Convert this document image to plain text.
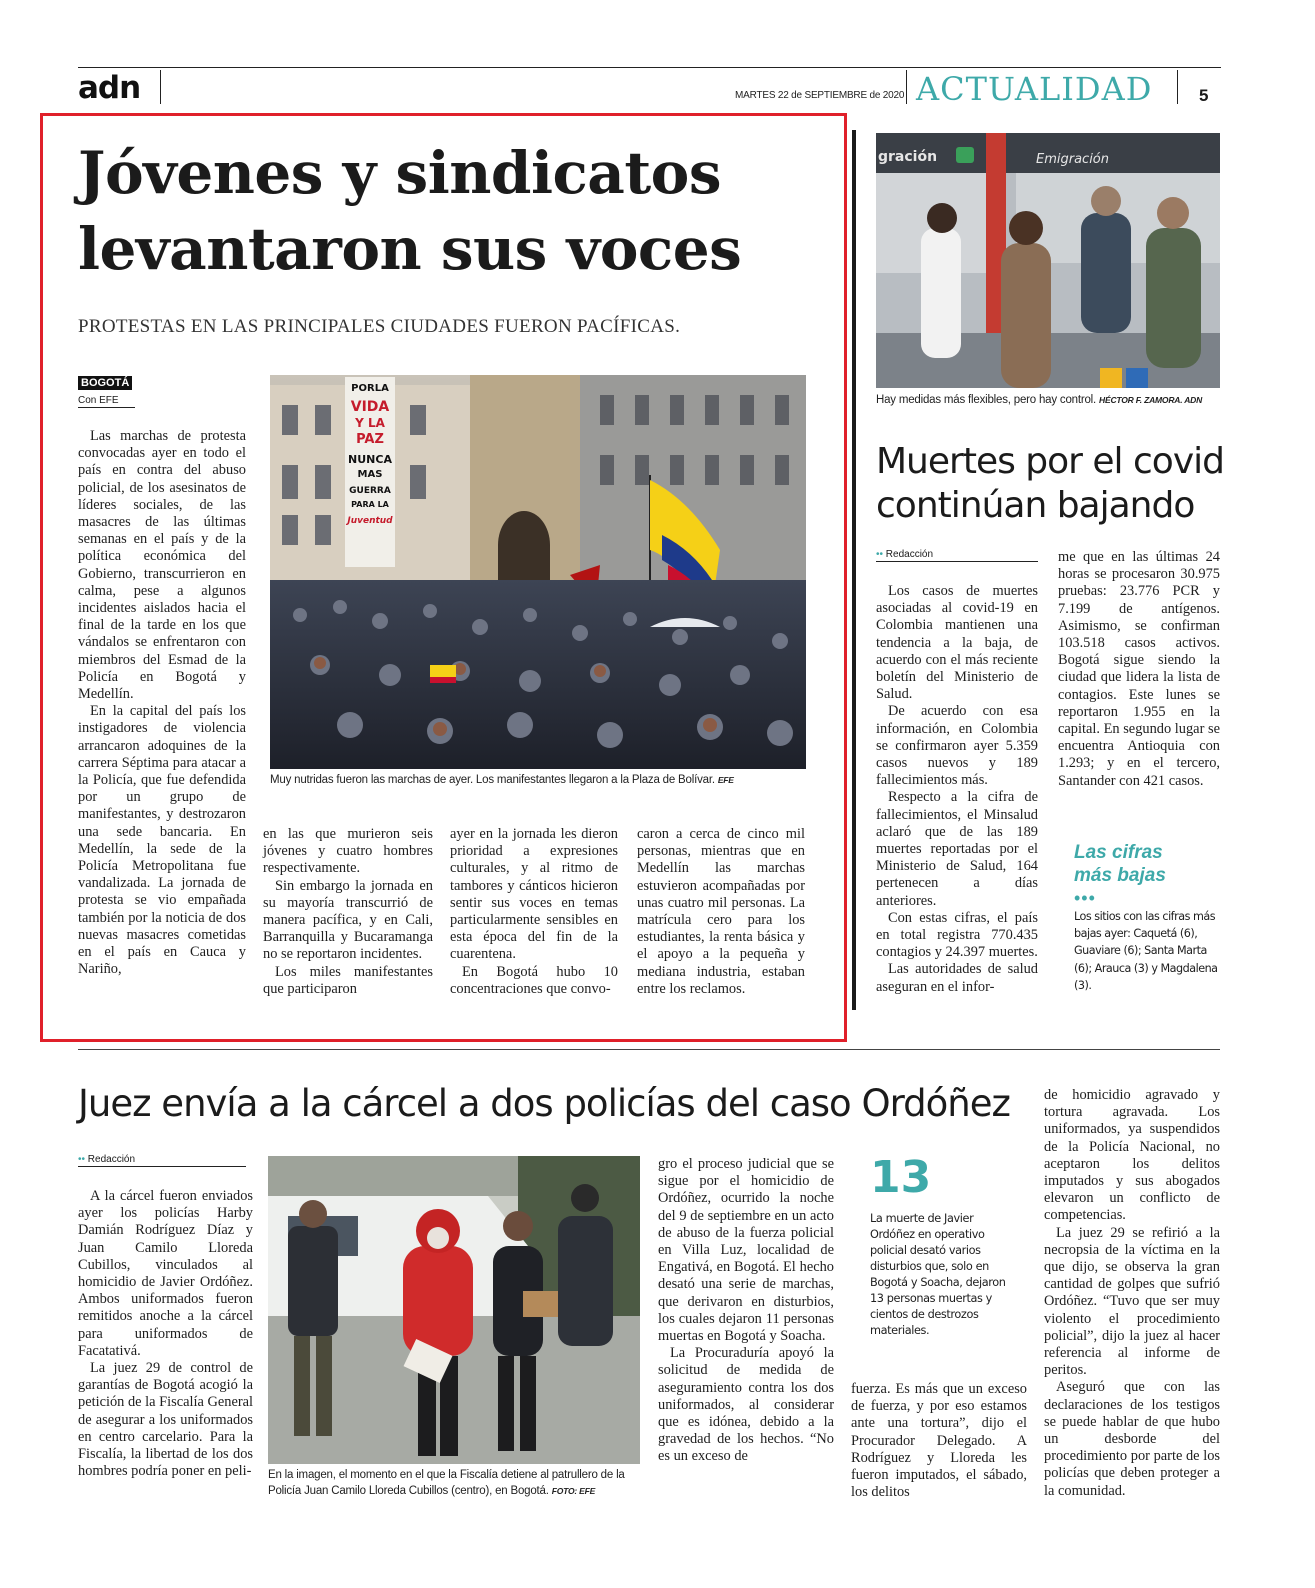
adn	MARTES 22 de SEPTIEMBRE de 2020 ACTUALIDAD	5
Jóvenes y sindicatos
levantaron sus voces
PROTESTAS EN LAS PRINCIPALES CIUDADES FUERON PACÍFICAS.
BOGOTÁ
Con EFE

Las marchas de protesta convocadas ayer en todo el país en contra del abuso policial, de los asesinatos de líderes sociales, de las masacres de las últimas semanas en el país y de la política económica del Gobierno, transcurrieron en calma, pese a algunos incidentes aislados hacia el final de la tarde en los que vándalos se enfrentaron con miembros del Esmad de la Policía en Bogotá y Medellín.

En la capital del país los instigadores de violencia arrancaron adoquines de la carrera Séptima para atacar a la Policía, que fue defendida por un grupo de manifestantes, y destrozaron una sede bancaria. En Medellín, la sede de la Policía Metropolitana fue vandalizada. La jornada de protesta se vio empañada también por la noticia de dos nuevas masacres cometidas en el país en Cauca y Nariño,

PORLA
VIDA
Y LA
PAZ
NUNCA
MAS
GUERRA
PARA LA
Juventud
Muy nutridas fueron las marchas de ayer. Los manifestantes llegaron a la Plaza de Bolívar. EFE

en las que murieron seis jóvenes y cuatro hombres respectivamente.

Sin embargo la jornada en su mayoría transcurrió de manera pacífica, y en Cali, Barranquilla y Bucaramanga no se reportaron incidentes.

Los miles manifestantes que participaron

ayer en la jornada les dieron prioridad a expresiones culturales, y al ritmo de tambores y cánticos hicieron sentir sus voces en temas particularmente sensibles en esta época del fin de la cuarentena.

En Bogotá hubo 10 concentraciones que convo-

caron a cerca de cinco mil personas, mientras que en Medellín las marchas estuvieron acompañadas por unas cuatro mil personas. La matrícula cero para los estudiantes, la renta básica y el apoyo a la pequeña y mediana industria, estaban entre los reclamos.

gración	Emigración
Hay medidas más flexibles, pero hay control. HÉCTOR F. ZAMORA. ADN
Muertes por el covid
continúan bajando
•• Redacción

Los casos de muertes asociadas al covid-19 en Colombia mantienen una tendencia a la baja, de acuerdo con el más reciente boletín del Ministerio de Salud.

De acuerdo con esa información, en Colombia se confirmaron ayer 5.359 casos nuevos y 189 fallecimientos más.

Respecto a la cifra de fallecimientos, el Minsalud aclaró que de las 189 muertes reportadas por el Ministerio de Salud, 164 pertenecen a días anteriores.

Con estas cifras, el país en total registra 770.435 contagios y 24.397 muertes.

Las autoridades de salud aseguran en el infor-

me que en las últimas 24 horas se procesaron 30.975 pruebas: 23.776 PCR y 7.199 de antígenos. Asimismo, se confirman 103.518 casos activos. Bogotá sigue siendo la ciudad que lidera la lista de contagios. Este lunes se reportaron 1.955 en la capital. En segundo lugar se encuentra Antioquia con 1.293; y en el tercero, Santander con 421 casos.

Las cifras
más bajas
•••
Los sitios con las cifras más bajas ayer: Caquetá (6), Guaviare (6); Santa Marta (6); Arauca (3) y Magdalena (3).
Juez envía a la cárcel a dos policías del caso Ordóñez
•• Redacción

A la cárcel fueron enviados ayer los policías Harby Damián Rodríguez Díaz y Juan Camilo Lloreda Cubillos, vinculados al homicidio de Javier Ordóñez. Ambos uniformados fueron remitidos anoche a la cárcel para uniformados de Facatativá.

La juez 29 de control de garantías de Bogotá acogió la petición de la Fiscalía General de asegurar a los uniformados en centro carcelario. Para la Fiscalía, la libertad de los dos hombres podría poner en peli- En la imagen, el momento en el que la Fiscalía detiene al patrullero de la Policía Juan Camilo Lloreda Cubillos (centro), en Bogotá. FOTO: EFE

gro el proceso judicial que se sigue por el homicidio de Ordóñez, ocurrido la noche del 9 de septiembre en un acto de abuso de la fuerza policial en Villa Luz, localidad de Engativá, en Bogotá. El hecho desató una serie de marchas, que derivaron en disturbios, los cuales dejaron 11 personas muertas en Bogotá y Soacha.

La Procuraduría apoyó la solicitud de medida de aseguramiento contra los dos uniformados, al considerar que es idónea, debido a la gravedad de los hechos. “No es un exceso de

13
La muerte de Javier Ordóñez en operativo policial desató varios disturbios que, solo en Bogotá y Soacha, dejaron 13 personas muertas y cientos de destrozos materiales.

fuerza. Es más que un exceso de fuerza, y por eso estamos ante una tortura”, dijo el Procurador Delegado. A Rodríguez y Lloreda les fueron imputados, el sábado, los delitos

de homicidio agravado y tortura agravada. Los uniformados, ya suspendidos de la Policía Nacional, no aceptaron los delitos imputados y sus abogados elevaron un conflicto de competencias.

La juez 29 se refirió a la necropsia de la víctima en la que dijo, se observa la gran cantidad de golpes que sufrió Ordóñez. “Tuvo que ser muy violento el procedimiento policial”, dijo la juez al hacer referencia al informe de peritos.

Aseguró que con las declaraciones de los testigos se puede hablar de que hubo un desborde del procedimiento por parte de los policías que deben proteger a la comunidad.
